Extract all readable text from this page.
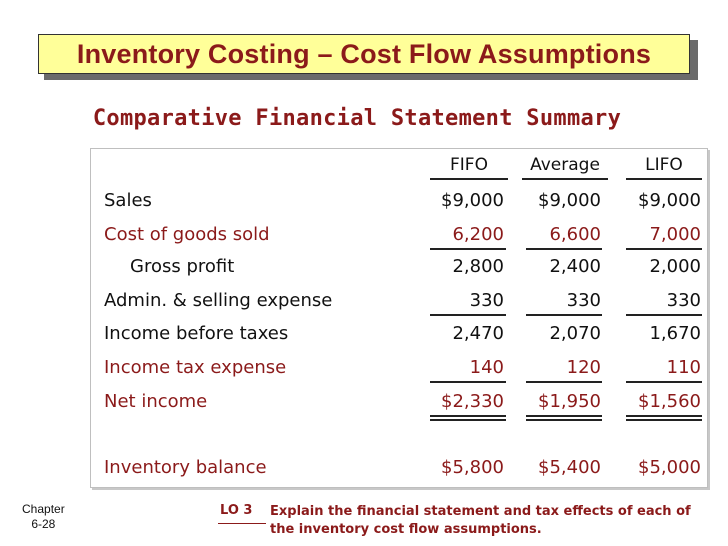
Inventory Costing – Cost Flow Assumptions
Comparative Financial Statement Summary
FIFO	Average	LIFO
Sales	$9,000 $9,000 $9,000
Cost of goods sold	6,200	6,600	7,000
Gross profit	2,800	2,400	2,000
Admin. & selling expense	330	330	330
Income before taxes	2,470	2,070	1,670
Income tax expense	140	120	110
Net income	$2,330 $1,950 $1,560
Inventory balance	$5,800 $5,400 $5,000
Chapter
6-28
LO 3 Explain the financial statement and tax effects of each of the inventory cost flow assumptions.
